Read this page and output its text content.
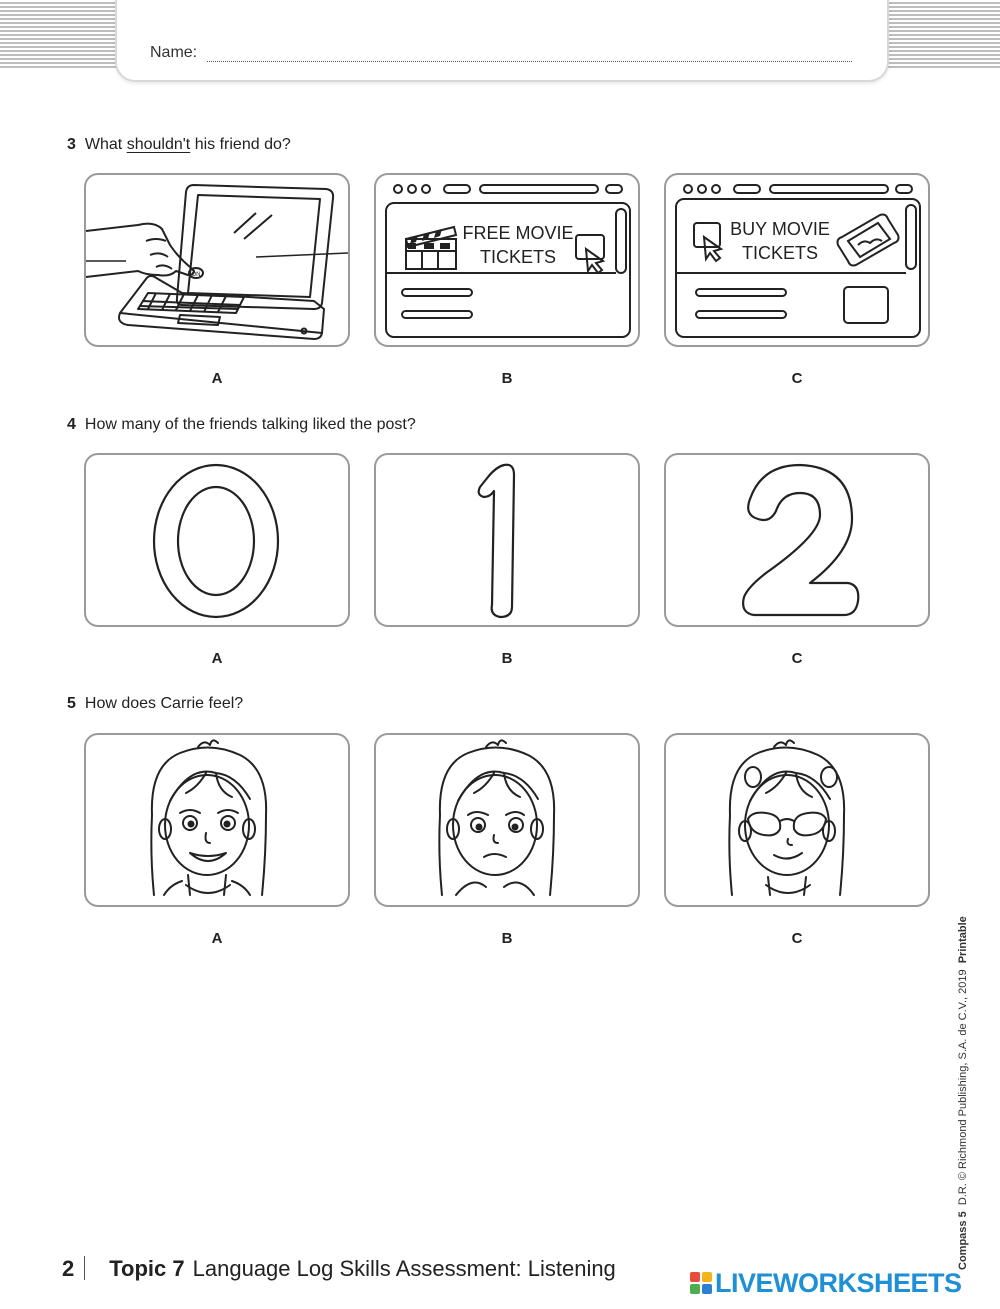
Name:
3 What shouldn't his friend do?
ON
FREE MOVIE
TICKETS
BUY MOVIE
TICKETS
A	B	C
4 How many of the friends talking liked the post?
A	B	C
5 How does Carrie feel?
A	B	C
Compass 5  D.R. © Richmond Publishing, S.A. de C.V., 2019  Printable
2 Topic 7 Language Log Skills Assessment: Listening	LIVEWORKSHEETS
